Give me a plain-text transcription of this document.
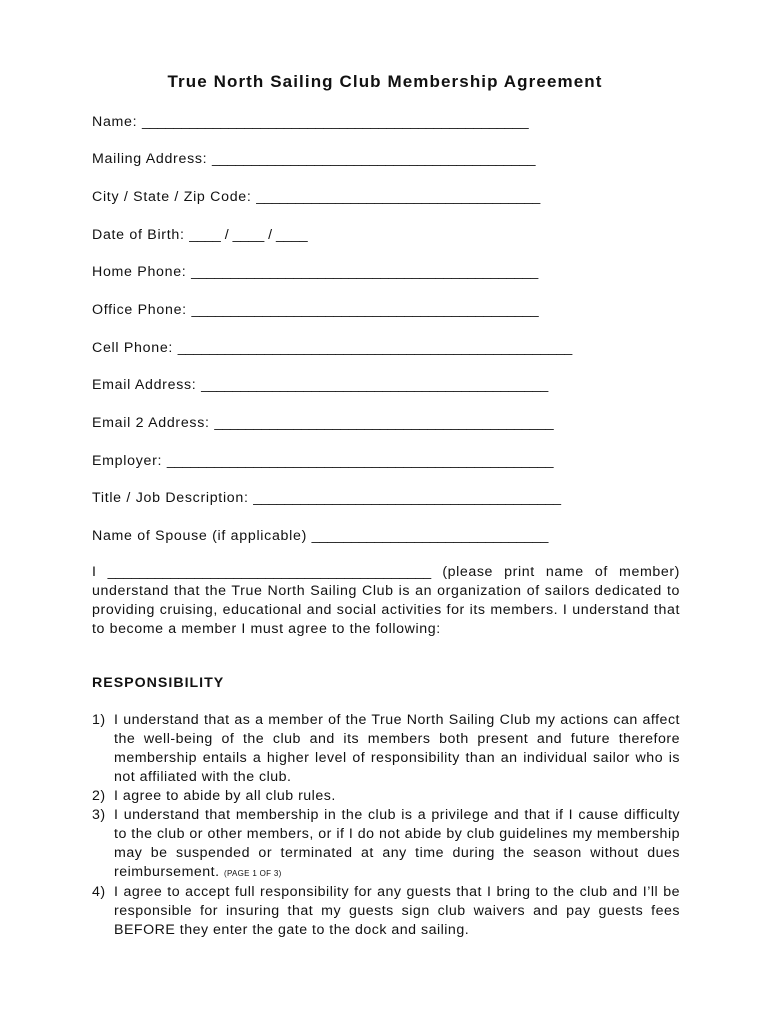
True North Sailing Club Membership Agreement
Name: _________________________________________________
Mailing Address: _________________________________________
City / State / Zip Code: ____________________________________
Date of Birth: ____ / ____ / ____
Home Phone: ____________________________________________
Office Phone: ____________________________________________
Cell Phone: __________________________________________________
Email Address: ____________________________________________
Email 2 Address: ___________________________________________
Employer: _________________________________________________
Title / Job Description: _______________________________________
Name of Spouse (if applicable) ______________________________
I _________________________________________ (please print name of member) understand that the True North Sailing Club is an organization of sailors dedicated to providing cruising, educational and social activities for its members. I understand that to become a member I must agree to the following:
RESPONSIBILITY
1) I understand that as a member of the True North Sailing Club my actions can affect the well-being of the club and its members both present and future therefore membership entails a higher level of responsibility than an individual sailor who is not affiliated with the club.
2) I agree to abide by all club rules.
3) I understand that membership in the club is a privilege and that if I cause difficulty to the club or other members, or if I do not abide by club guidelines my membership may be suspended or terminated at any time during the season without dues reimbursement. (PAGE 1 OF 3)
4) I agree to accept full responsibility for any guests that I bring to the club and I’ll be responsible for insuring that my guests sign club waivers and pay guests fees BEFORE they enter the gate to the dock and sailing.
